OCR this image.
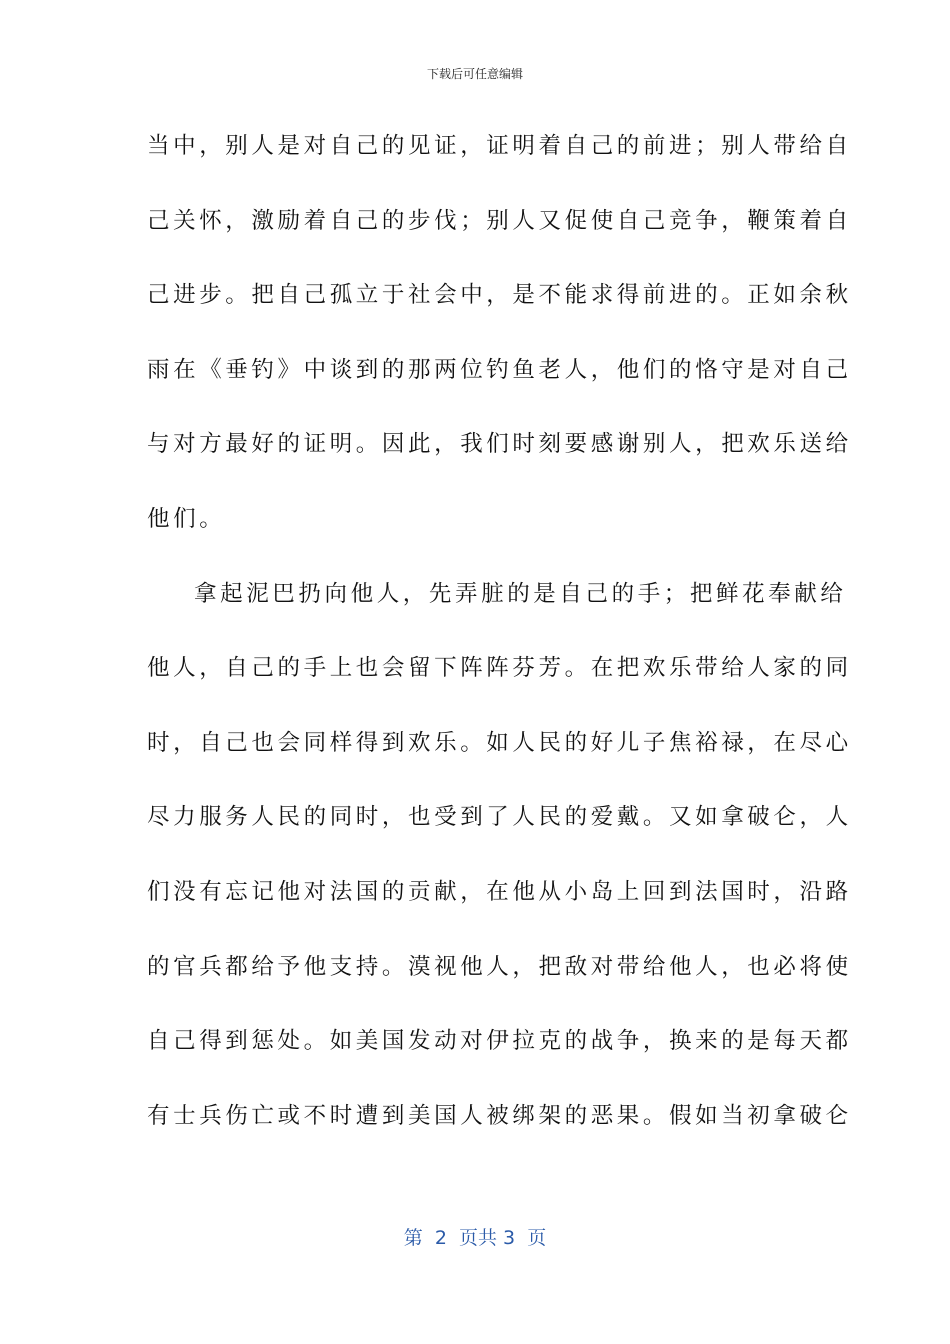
下载后可任意编辑
当中，别人是对自己的见证，证明着自己的前进；别人带给自
己关怀，激励着自己的步伐；别人又促使自己竞争，鞭策着自
己进步。把自己孤立于社会中，是不能求得前进的。正如余秋
雨在《垂钓》中谈到的那两位钓鱼老人，他们的恪守是对自己
与对方最好的证明。因此，我们时刻要感谢别人，把欢乐送给
他们。
拿起泥巴扔向他人，先弄脏的是自己的手；把鲜花奉献给
他人，自己的手上也会留下阵阵芬芳。在把欢乐带给人家的同
时，自己也会同样得到欢乐。如人民的好儿子焦裕禄，在尽心
尽力服务人民的同时，也受到了人民的爱戴。又如拿破仑，人
们没有忘记他对法国的贡献，在他从小岛上回到法国时，沿路
的官兵都给予他支持。漠视他人，把敌对带给他人，也必将使
自己得到惩处。如美国发动对伊拉克的战争，换来的是每天都
有士兵伤亡或不时遭到美国人被绑架的恶果。假如当初拿破仑
第  2  页共 3  页
